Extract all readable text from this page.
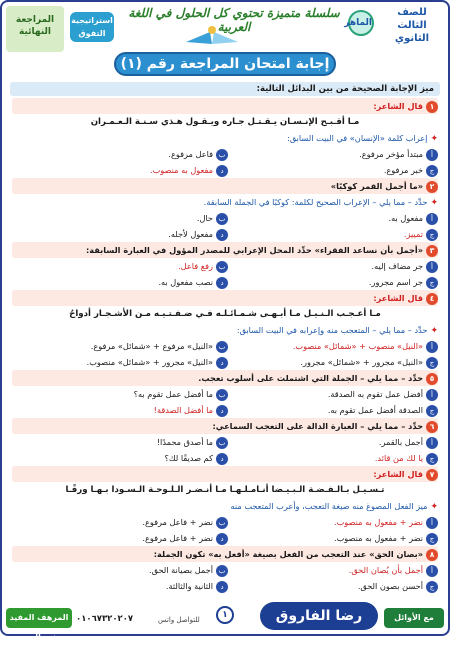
للصف الثالث الثانوي
الماهر
سلسلة متميزة تحتوي كل الحلول في اللغة العربية
استراتيجية التفوق
المراجعة النهائية
إجابة امتحان المراجعة رقم (١)
ميز الإجابة الصحيحة من بين البدائل التالية:
١قال الشاعر:
مـا أقـبـح الإنـسـان يـقـتـل جـاره ويـقـول هـذي سـنـة الـعـمـران
✦إعراب كلمة «الإنسان» في البيت السابق:
أمبتدأ مؤخر مرفوع.
بفاعل مرفوع.
جخبر مرفوع.
دمفعول به منصوب.
٢«ما أجمل القمر كوكبًا»
✦حدِّد – مما يلي – الإعراب الصحيح لكلمة: كوكبًا في الجملة السابقة.
أمفعول به.
بحال.
جتمييز.
دمفعول لأجله.
٣«أجمل بأن نساعد الفقراء» حدِّد المحل الإعرابي للمصدر المؤول في العبارة السابقة:
أجر مضاف إليه.
برفع فاعل.
ججر اسم مجرور.
دنصب مفعول به.
٤قال الشاعر:
مـا أعـجـب الـنـيـل مـا أبـهـى شـمـائـلـه فـي ضـفـتـيـه مـن الأشـجـار أدواحُ
✦حدِّد – مما يلي – المتعجب منه وإعرابه في البيت السابق:
أ«النيل» منصوب + «شمائل» منصوب.
ب«النيل» مرفوع + «شمائل» مرفوع.
ج«النيل» مجرور + «شمائل» مجرور.
د«النيل» مجرور + «شمائل» منصوب.
٥حدِّد – مما يلي – الجملة التي اشتملت على أسلوب تعجب.
أأفضل عمل تقوم به الصدقة.
بما أفضل عمل تقوم به؟
جالصدقة أفضل عمل تقوم به.
دما أفضل الصدقة!
٦حدِّد – مما يلي – العبارة الدالة على التعجب السماعي:
أأجمل بالقمر.
بما أصدق محمدًا!
جيا لك من قائد.
دكم صديقًا لك؟
٧قال الشاعر:
تـسـيـل بـالـفـضـة الـبـيـضا أنـامـلـهـا مـا أنـضـر الـلـوحـة الـسـودا بـهـا ورقًـا
✦ميز الفعل المصوغ منه صيغة التعجب، وأعرب المتعجب منه
أنضر + مفعول به منصوب.
بنضر + فاعل مرفوع.
جنضر + مفعول به منصوب.
دنضر + فاعل مرفوع.
٨«بصان الحق» عند التعجب من الفعل بصيغة «أفعل به» تكون الجملة:
أأجمل بأن يُصان الحق.
بأجمل بصيانة الحق.
جأحسن بصون الحق.
دالثانية والثالثة.
مع الأوائل
رضا الفاروق
١
للتواصل واتس
٠١٠٦٧٣٢٠٢٠٧
المرهف المفيد في النحو
